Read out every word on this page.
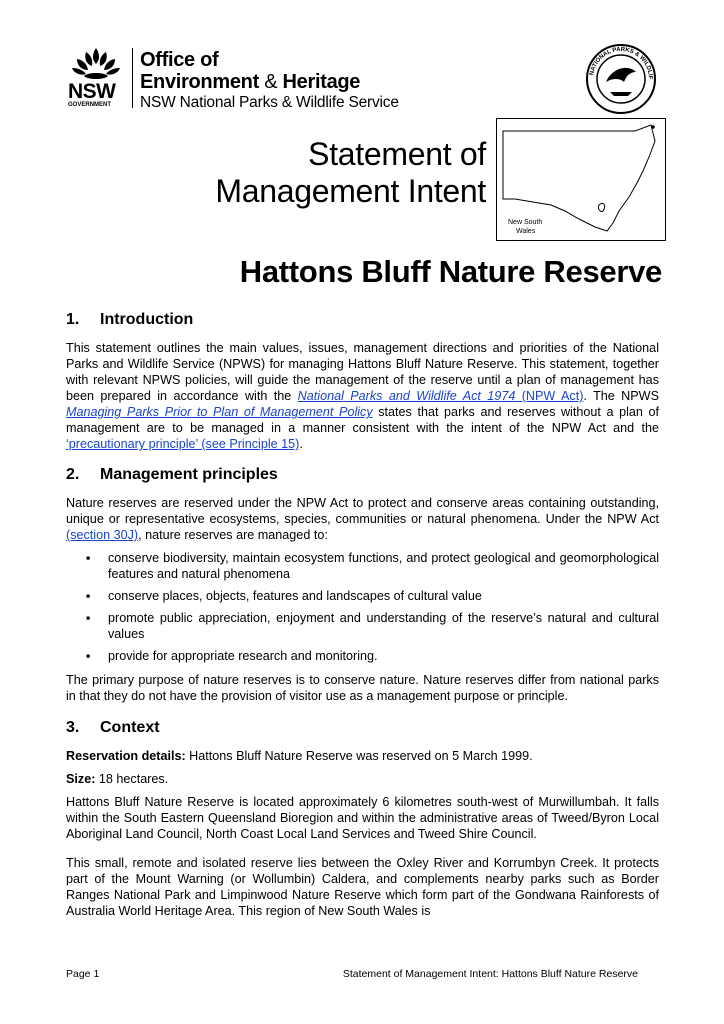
NSW
GOVERNMENT
Office of
Environment & Heritage
NSW National Parks & Wildlife Service
NATIONAL PARKS & WILDLIF
New South
Wales
Statement of
Management Intent
Hattons Bluff Nature Reserve
1. Introduction

This statement outlines the main values, issues, management directions and priorities of the National Parks and Wildlife Service (NPWS) for managing Hattons Bluff Nature Reserve. This statement, together with relevant NPWS policies, will guide the management of the reserve until a plan of management has been prepared in accordance with the National Parks and Wildlife Act 1974 (NPW Act). The NPWS Managing Parks Prior to Plan of Management Policy states that parks and reserves without a plan of management are to be managed in a manner consistent with the intent of the NPW Act and the ‘precautionary principle’ (see Principle 15).

2. Management principles

Nature reserves are reserved under the NPW Act to protect and conserve areas containing outstanding, unique or representative ecosystems, species, communities or natural phenomena. Under the NPW Act (section 30J), nature reserves are managed to:

▪ conserve biodiversity, maintain ecosystem functions, and protect geological and geomorphological features and natural phenomena
▪ conserve places, objects, features and landscapes of cultural value
▪ promote public appreciation, enjoyment and understanding of the reserve’s natural and cultural values
▪ provide for appropriate research and monitoring.

The primary purpose of nature reserves is to conserve nature. Nature reserves differ from national parks in that they do not have the provision of visitor use as a management purpose or principle.

3. Context

Reservation details: Hattons Bluff Nature Reserve was reserved on 5 March 1999.

Size: 18 hectares.

Hattons Bluff Nature Reserve is located approximately 6 kilometres south-west of Murwillumbah. It falls within the South Eastern Queensland Bioregion and within the administrative areas of Tweed/Byron Local Aboriginal Land Council, North Coast Local Land Services and Tweed Shire Council.

This small, remote and isolated reserve lies between the Oxley River and Korrumbyn Creek. It protects part of the Mount Warning (or Wollumbin) Caldera, and complements nearby parks such as Border Ranges National Park and Limpinwood Nature Reserve which form part of the Gondwana Rainforests of Australia World Heritage Area. This region of New South Wales is

Page 1	Statement of Management Intent: Hattons Bluff Nature Reserve
